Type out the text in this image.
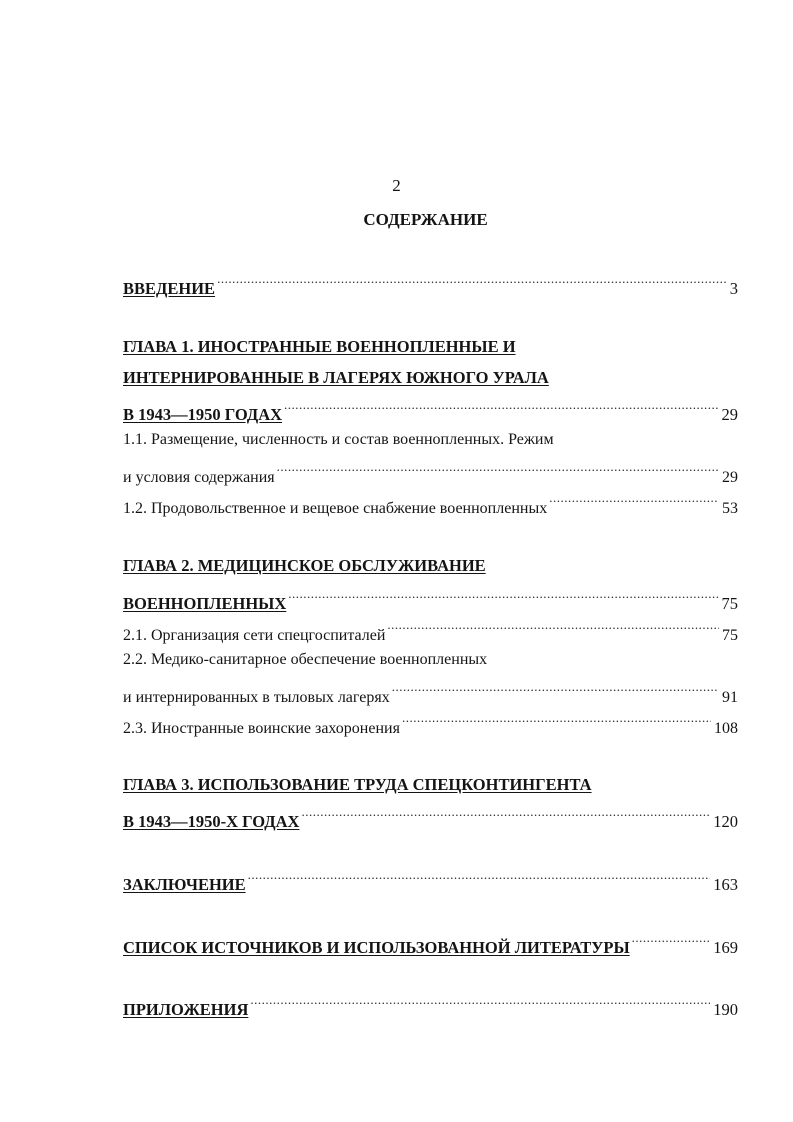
2
СОДЕРЖАНИЕ
ВВЕДЕНИЕ .....	3
ГЛАВА 1. ИНОСТРАННЫЕ ВОЕННОПЛЕННЫЕ И
ИНТЕРНИРОВАННЫЕ В ЛАГЕРЯХ ЮЖНОГО УРАЛА
В 1943—1950 ГОДАХ .....	29
1.1. Размещение, численность и состав военнопленных. Режим
и условия содержания .....	29
1.2. Продовольственное и вещевое снабжение военнопленных .....	53
ГЛАВА 2. МЕДИЦИНСКОЕ ОБСЛУЖИВАНИЕ
ВОЕННОПЛЕННЫХ .....	75
2.1. Организация сети спецгоспиталей .....	75
2.2. Медико-санитарное обеспечение военнопленных
и интернированных в тыловых лагерях .....	91
2.3. Иностранные воинские захоронения .....	108
ГЛАВА 3. ИСПОЛЬЗОВАНИЕ ТРУДА СПЕЦКОНТИНГЕНТА
В 1943—1950-Х ГОДАХ .....	120
ЗАКЛЮЧЕНИЕ .....	163
СПИСОК ИСТОЧНИКОВ И ИСПОЛЬЗОВАННОЙ ЛИТЕРАТУРЫ .....	169
ПРИЛОЖЕНИЯ .....	190
